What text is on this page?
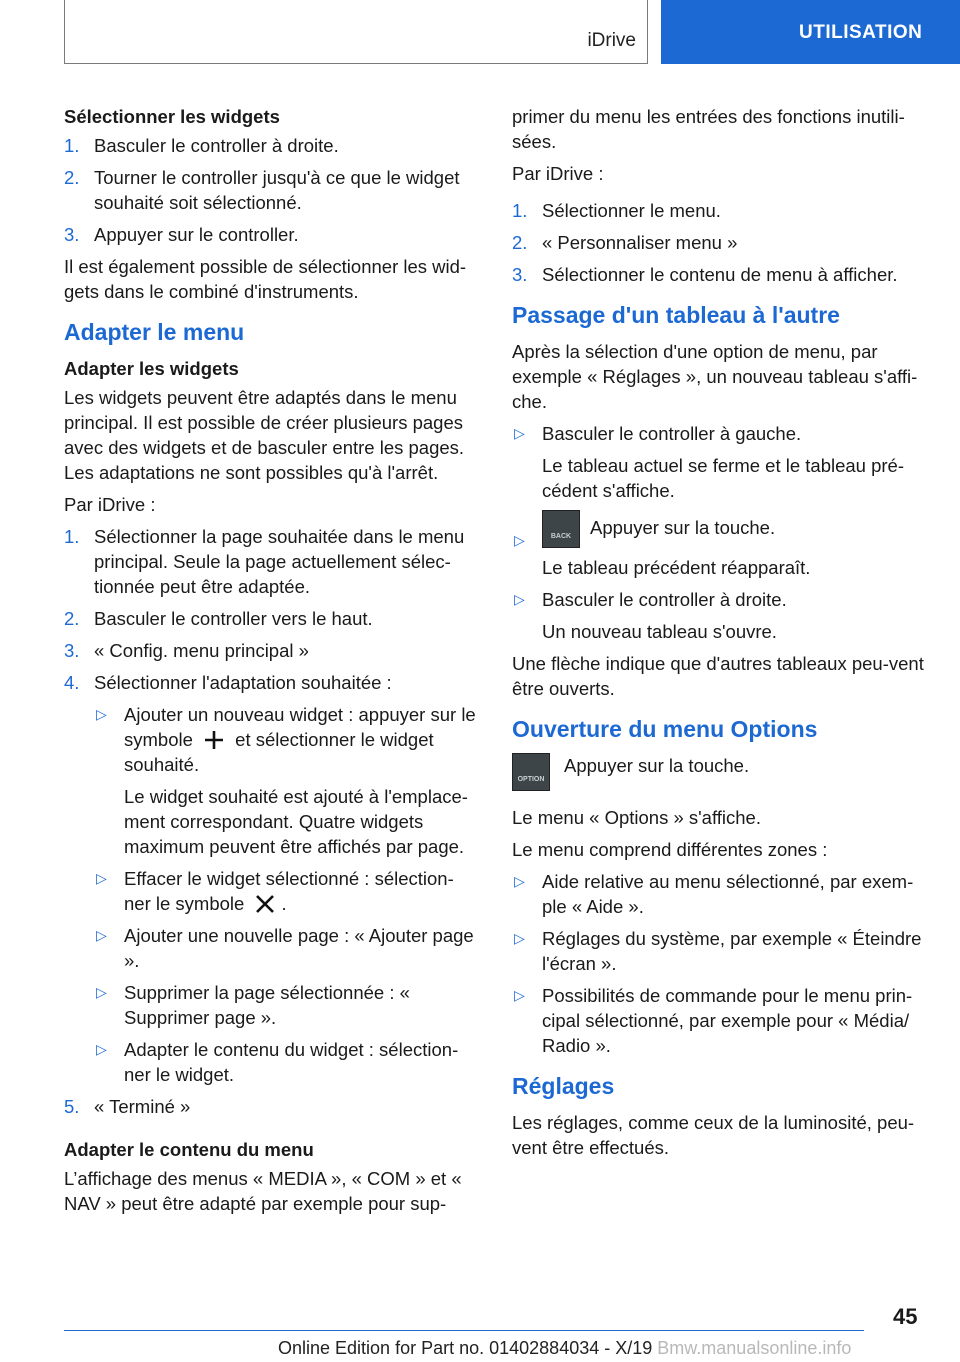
iDrive	UTILISATION
Sélectionner les widgets
1. Basculer le controller à droite.
2. Tourner le controller jusqu'à ce que le widget souhaité soit sélectionné.
3. Appuyer sur le controller.

Il est également possible de sélectionner les wid‐gets dans le combiné d'instruments.

Adapter le menu
Adapter les widgets

Les widgets peuvent être adaptés dans le menu principal. Il est possible de créer plusieurs pages avec des widgets et de basculer entre les pages. Les adaptations ne sont possibles qu'à l'arrêt.

Par iDrive :

1. Sélectionner la page souhaitée dans le menu principal. Seule la page actuellement sélec‐tionnée peut être adaptée.
2. Basculer le controller vers le haut.
3. « Config. menu principal »
4. Sélectionner l'adaptation souhaitée :
▷ Ajouter un nouveau widget : appuyer sur le symbole et sélectionner le widget souhaité.

Le widget souhaité est ajouté à l'emplace‐ment correspondant. Quatre widgets maximum peuvent être affichés par page.

▷ Effacer le widget sélectionné : sélection‐ner le symbole .
▷ Ajouter une nouvelle page : « Ajouter page ».
▷ Supprimer la page sélectionnée : « Supprimer page ».
▷ Adapter le contenu du widget : sélection‐ner le widget.
5. « Terminé »
Adapter le contenu du menu

L’affichage des menus « MEDIA », « COM » et « NAV » peut être adapté par exemple pour sup‐

primer du menu les entrées des fonctions inutili‐sées.

Par iDrive :

1. Sélectionner le menu.
2. « Personnaliser menu »
3. Sélectionner le contenu de menu à afficher.
Passage d'un tableau à l'autre

Après la sélection d'une option de menu, par exemple « Réglages », un nouveau tableau s'affi‐che.

▷ Basculer le controller à gauche.

Le tableau actuel se ferme et le tableau pré‐cédent s'affiche.

▷	BACK	Appuyer sur la touche.

Le tableau précédent réapparaît.

▷ Basculer le controller à droite.

Un nouveau tableau s'ouvre.

Une flèche indique que d'autres tableaux peu‐vent être ouverts.

Ouverture du menu Options
OPTION
Appuyer sur la touche.

Le menu « Options » s'affiche.

Le menu comprend différentes zones :

▷ Aide relative au menu sélectionné, par exem‐ple « Aide ».
▷ Réglages du système, par exemple « Éteindre l'écran ».
▷ Possibilités de commande pour le menu prin‐cipal sélectionné, par exemple pour « Média/ Radio ».
Réglages

Les réglages, comme ceux de la luminosité, peu‐vent être effectués.

45
Online Edition for Part no. 01402884034 - X/19 Bmw.manualsonline.info
